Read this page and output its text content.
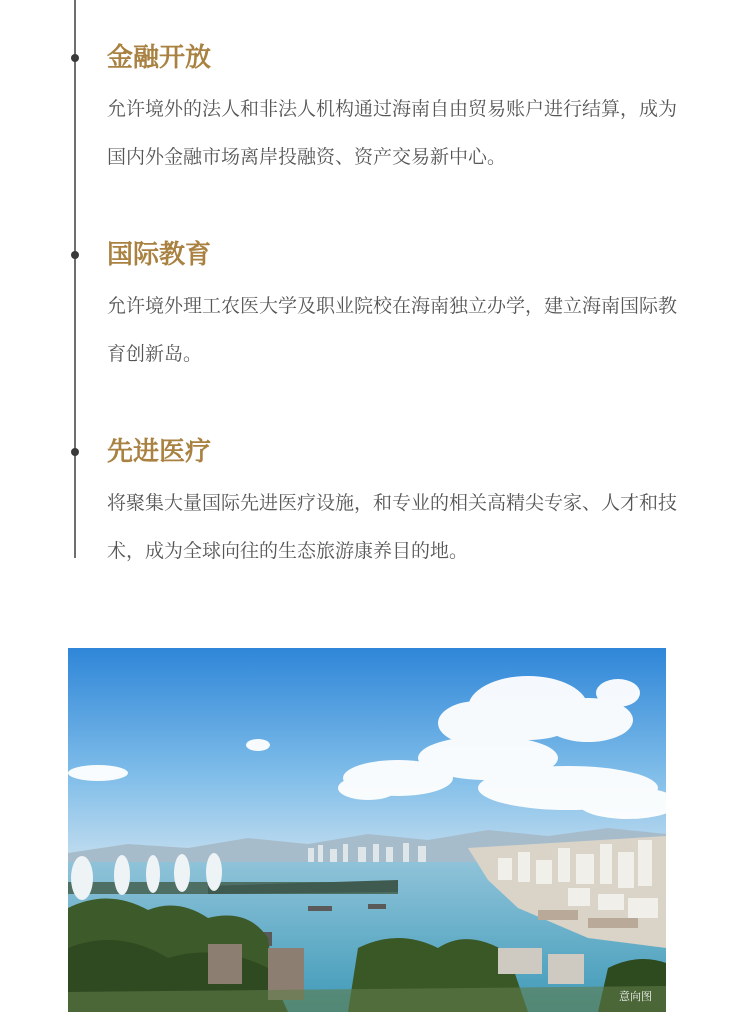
金融开放

允许境外的法人和非法人机构通过海南自由贸易账户进行结算，成为国内外金融市场离岸投融资、资产交易新中心。

国际教育

允许境外理工农医大学及职业院校在海南独立办学，建立海南国际教育创新岛。

先进医疗

将聚集大量国际先进医疗设施，和专业的相关高精尖专家、人才和技术，成为全球向往的生态旅游康养目的地。

意向图
